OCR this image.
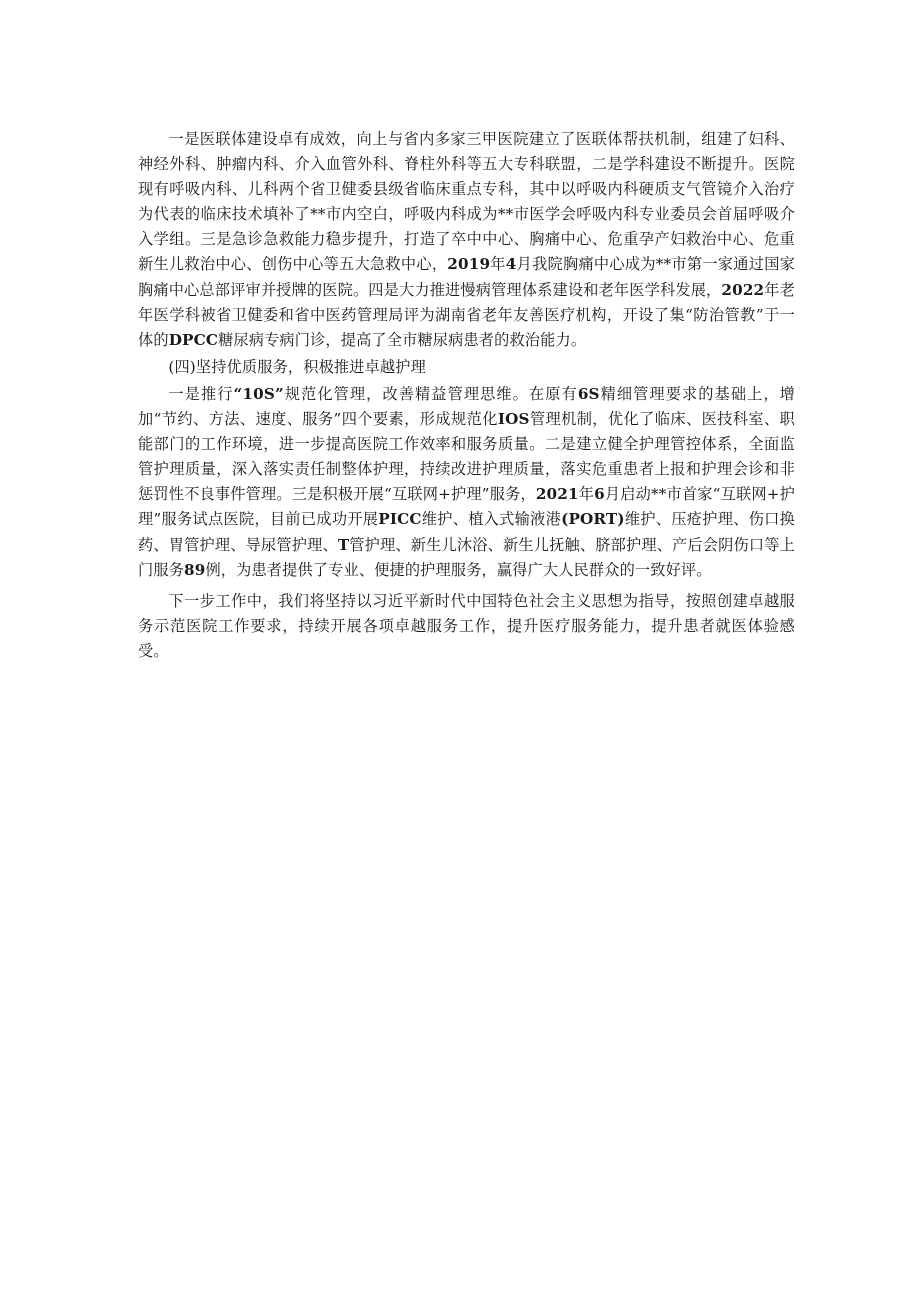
一是医联体建设卓有成效，向上与省内多家三甲医院建立了医联体帮扶机制，组建了妇科、神经外科、肿瘤内科、介入血管外科、脊柱外科等五大专科联盟，二是学科建设不断提升。医院现有呼吸内科、儿科两个省卫健委县级省临床重点专科，其中以呼吸内科硬质支气管镜介入治疗为代表的临床技术填补了**市内空白，呼吸内科成为**市医学会呼吸内科专业委员会首届呼吸介入学组。三是急诊急救能力稳步提升，打造了卒中中心、胸痛中心、危重孕产妇救治中心、危重新生儿救治中心、创伤中心等五大急救中心，2019年4月我院胸痛中心成为**市第一家通过国家胸痛中心总部评审并授牌的医院。四是大力推进慢病管理体系建设和老年医学科发展，2022年老年医学科被省卫健委和省中医药管理局评为湖南省老年友善医疗机构，开设了集“防治管教”于一体的DPCC糖尿病专病门诊，提高了全市糖尿病患者的救治能力。

(四)坚持优质服务，积极推进卓越护理

一是推行“10S”规范化管理，改善精益管理思维。在原有6S精细管理要求的基础上，增加“节约、方法、速度、服务”四个要素，形成规范化IOS管理机制，优化了临床、医技科室、职能部门的工作环境，进一步提高医院工作效率和服务质量。二是建立健全护理管控体系，全面监管护理质量，深入落实责任制整体护理，持续改进护理质量，落实危重患者上报和护理会诊和非惩罚性不良事件管理。三是积极开展“互联网+护理”服务，2021年6月启动**市首家“互联网+护理”服务试点医院，目前已成功开展PICC维护、植入式输液港(PORT)维护、压疮护理、伤口换药、胃管护理、导尿管护理、T管护理、新生儿沐浴、新生儿抚触、脐部护理、产后会阴伤口等上门服务89例，为患者提供了专业、便捷的护理服务，赢得广大人民群众的一致好评。

下一步工作中，我们将坚持以习近平新时代中国特色社会主义思想为指导，按照创建卓越服务示范医院工作要求，持续开展各项卓越服务工作，提升医疗服务能力，提升患者就医体验感受。
